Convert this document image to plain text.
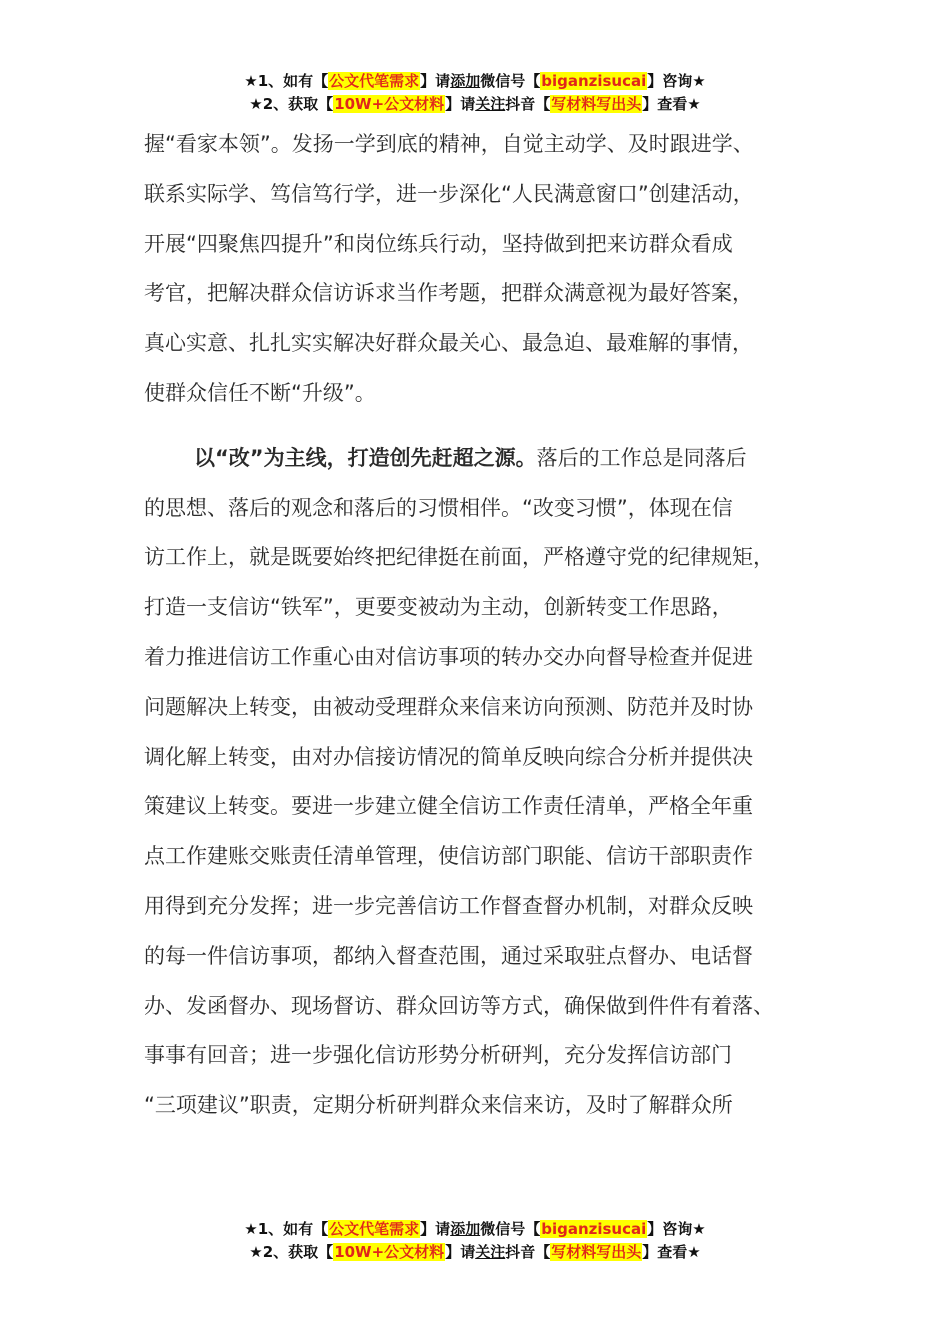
★1、如有【公文代笔需求】请添加微信号【biganzisucai】咨询★
★2、获取【10W+公文材料】请关注抖音【写材料写出头】查看★
握“看家本领”。发扬一学到底的精神，自觉主动学、及时跟进学、
联系实际学、笃信笃行学，进一步深化“人民满意窗口”创建活动，
开展“四聚焦四提升”和岗位练兵行动，坚持做到把来访群众看成
考官，把解决群众信访诉求当作考题，把群众满意视为最好答案，
真心实意、扎扎实实解决好群众最关心、最急迫、最难解的事情，
使群众信任不断“升级”。
以“改”为主线，打造创先赶超之源。落后的工作总是同落后
的思想、落后的观念和落后的习惯相伴。“改变习惯”，体现在信
访工作上，就是既要始终把纪律挺在前面，严格遵守党的纪律规矩，
打造一支信访“铁军”，更要变被动为主动，创新转变工作思路，
着力推进信访工作重心由对信访事项的转办交办向督导检查并促进
问题解决上转变，由被动受理群众来信来访向预测、防范并及时协
调化解上转变，由对办信接访情况的简单反映向综合分析并提供决
策建议上转变。要进一步建立健全信访工作责任清单，严格全年重
点工作建账交账责任清单管理，使信访部门职能、信访干部职责作
用得到充分发挥；进一步完善信访工作督查督办机制，对群众反映
的每一件信访事项，都纳入督查范围，通过采取驻点督办、电话督
办、发函督办、现场督访、群众回访等方式，确保做到件件有着落、
事事有回音；进一步强化信访形势分析研判，充分发挥信访部门
“三项建议”职责，定期分析研判群众来信来访，及时了解群众所
★1、如有【公文代笔需求】请添加微信号【biganzisucai】咨询★
★2、获取【10W+公文材料】请关注抖音【写材料写出头】查看★
